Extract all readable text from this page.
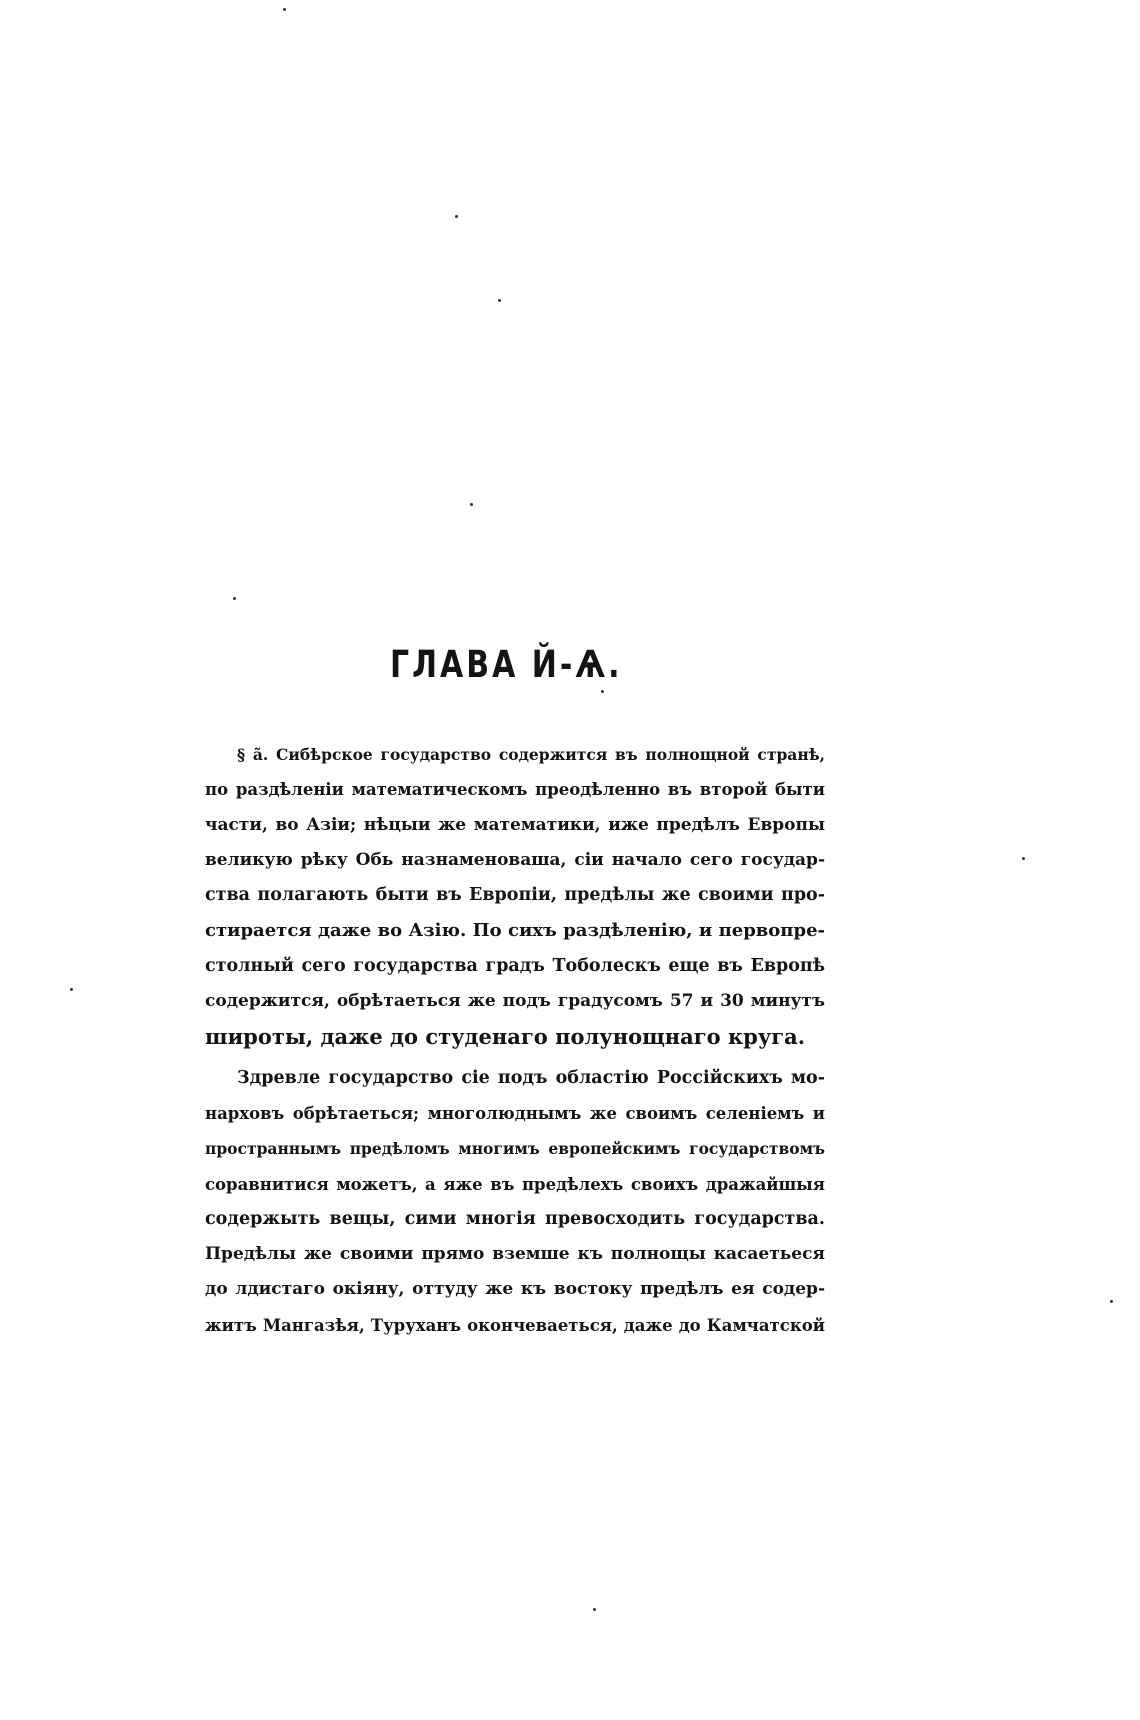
ГЛАВА Й-Ѧ.
§ а̃. Сибѣрское государство содержится въ полнощной странѣ,
по раздѣленіи математическомъ преодѣленно въ второй быти
части, во Азіи; нѣцыи же математики, иже предѣлъ Европы
великую рѣку Обь назнаменоваша, сіи начало сего государ-
ства полагають быти въ Европіи, предѣлы же своими про-
стирается даже во Азію. По сихъ раздѣленію, и первопре-
столный сего государства градъ Тоболескъ еще въ Европѣ
содержится, обрѣтаеться же подъ градусомъ 57 и 30 минутъ
широты, даже до студенаго полунощнаго круга.
Здревле государство сіе подъ областію Россійскихъ мо-
нарховъ обрѣтаеться; многолюднымъ же своимъ селеніемъ и
пространнымъ предѣломъ многимъ европейскимъ государствомъ
соравнитися можетъ, а яже въ предѣлехъ своихъ дражайшыя
содержыть вещы, сими многія превосходить государства.
Предѣлы же своими прямо вземше къ полнощы касаетьеся
до лдистаго окіяну, оттуду же къ востоку предѣлъ ея содер-
житъ Мангазѣя, Туруханъ окончеваеться, даже до Камчатской
